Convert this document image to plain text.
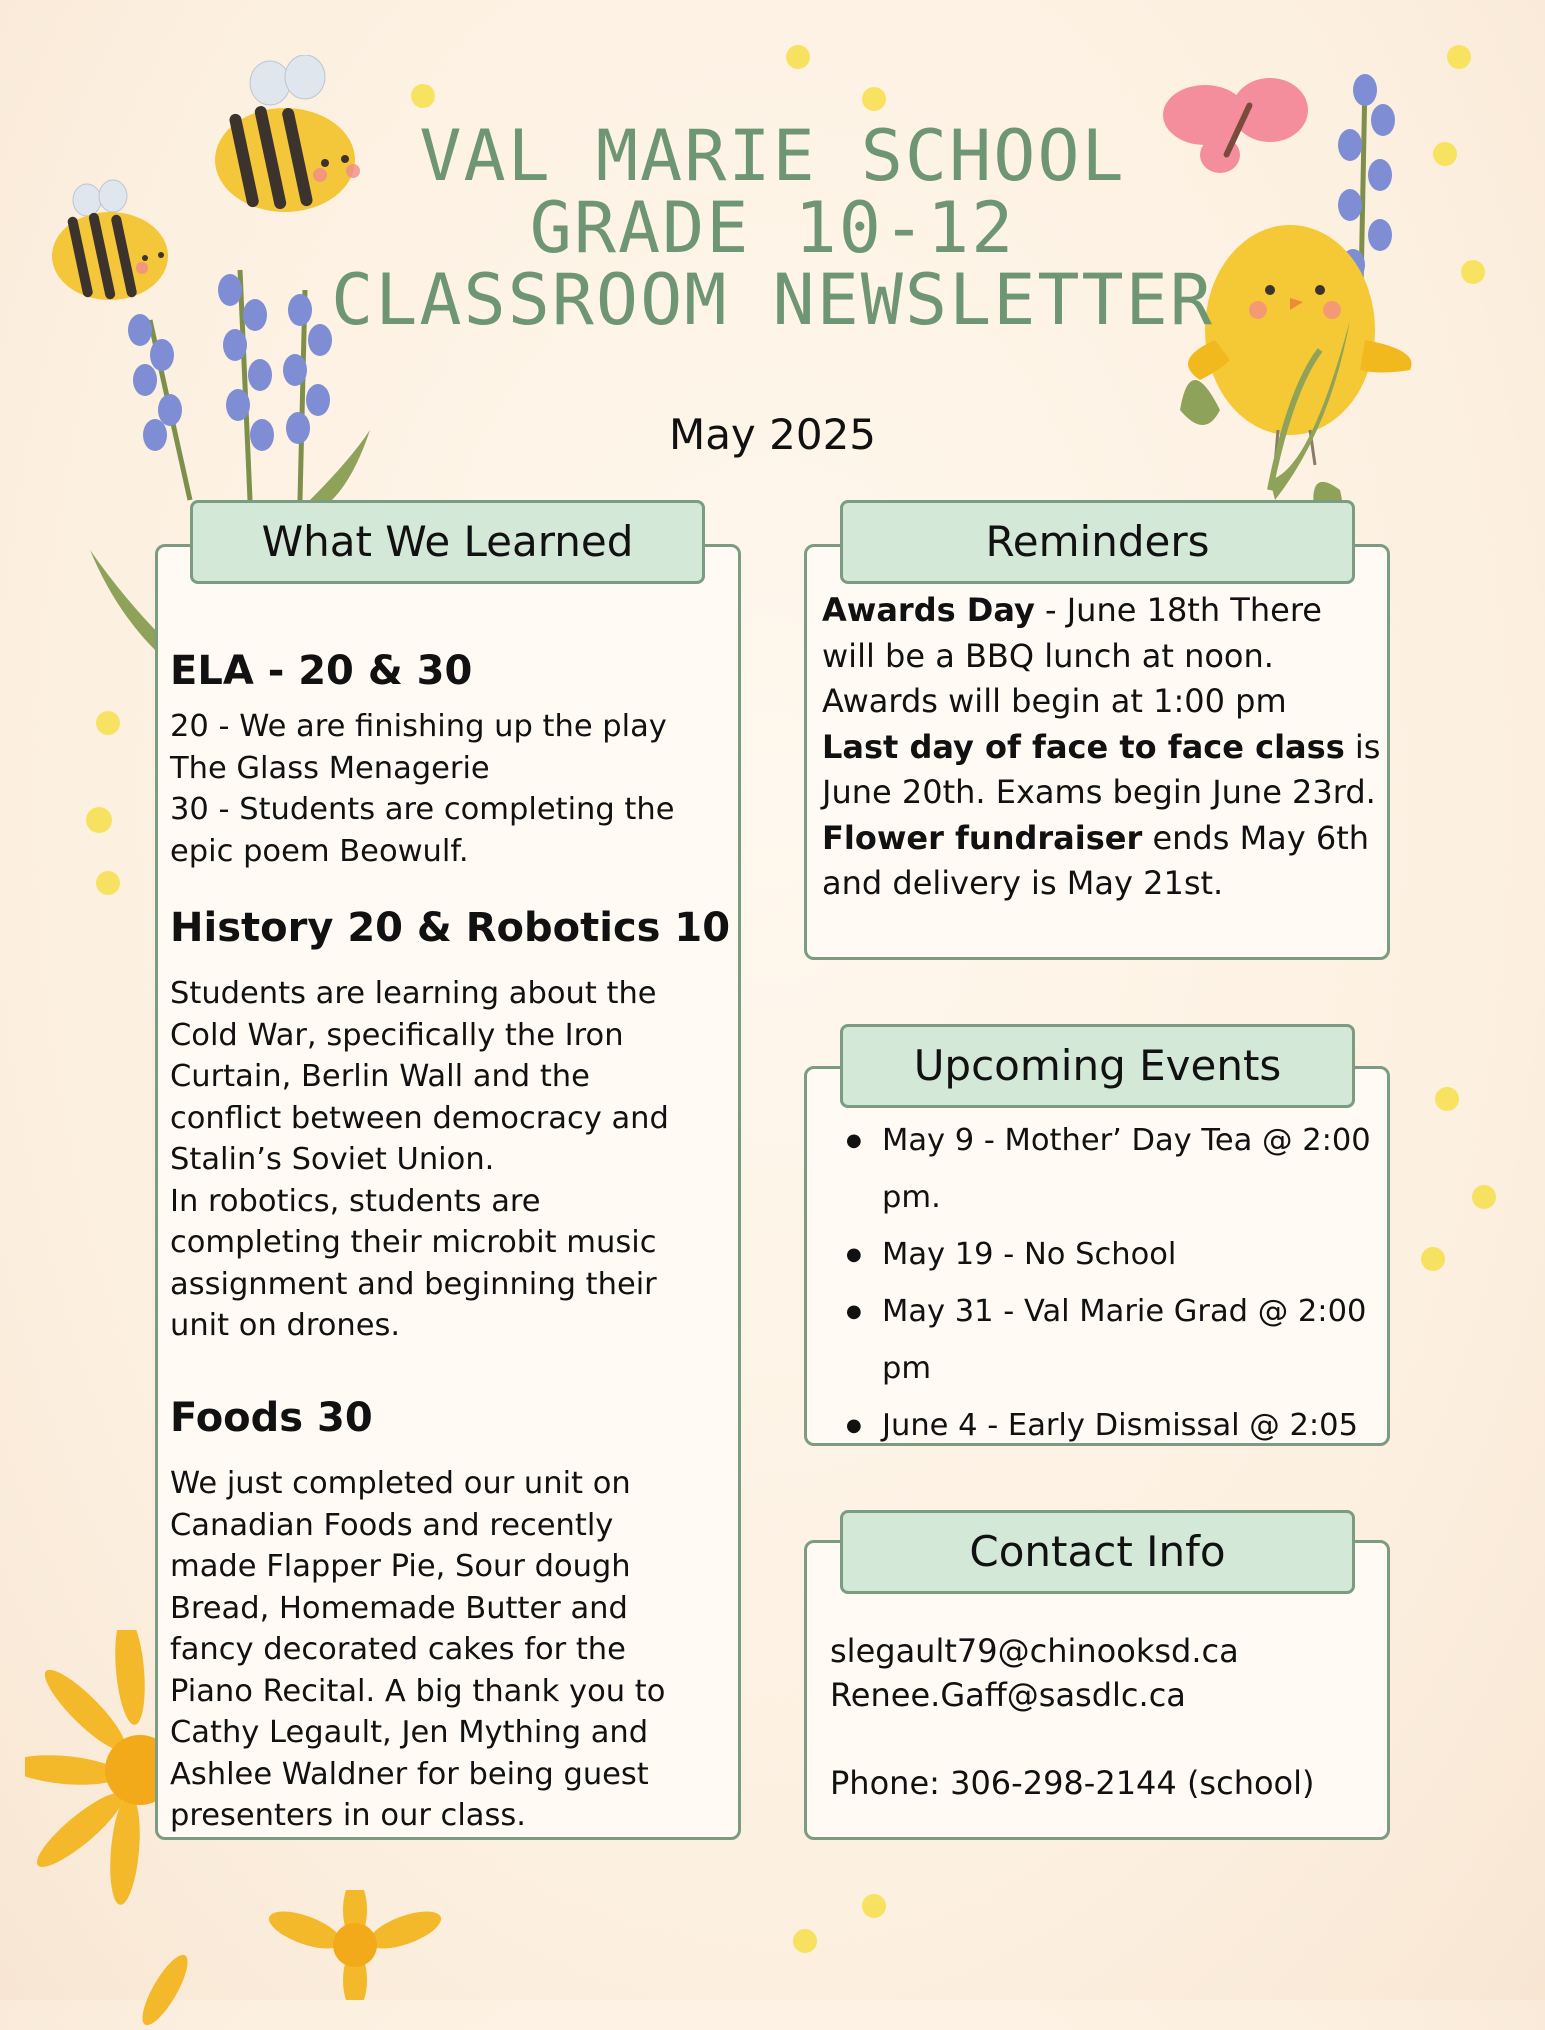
VAL MARIE SCHOOL
GRADE 10-12
CLASSROOM NEWSLETTER
May 2025
What We Learned
ELA - 20 & 30
20 - We are finishing up the play
The Glass Menagerie
30 - Students are completing the
epic poem Beowulf.
History 20 & Robotics 10
Students are learning about the
Cold War, specifically the Iron
Curtain, Berlin Wall and the
conflict between democracy and
Stalin’s Soviet Union.
In robotics, students are
completing their microbit music
assignment and beginning their
unit on drones.
Foods 30
We just completed our unit on
Canadian Foods and recently
made Flapper Pie, Sour dough
Bread, Homemade Butter and
fancy decorated cakes for the
Piano Recital. A big thank you to
Cathy Legault, Jen Mything and
Ashlee Waldner for being guest
presenters in our class.
Reminders
Awards Day - June 18th There will be a BBQ lunch at noon. Awards will begin at 1:00 pm
Last day of face to face class is June 20th. Exams begin June 23rd.
Flower fundraiser ends May 6th and delivery is May 21st.
Upcoming Events
● May 9 - Mother’ Day Tea @ 2:00 pm.
● May 19 - No School
● May 31 - Val Marie Grad @ 2:00 pm
● June 4 - Early Dismissal @ 2:05
Contact Info
slegault79@chinooksd.ca
Renee.Gaff@sasdlc.ca
Phone: 306-298-2144 (school)
